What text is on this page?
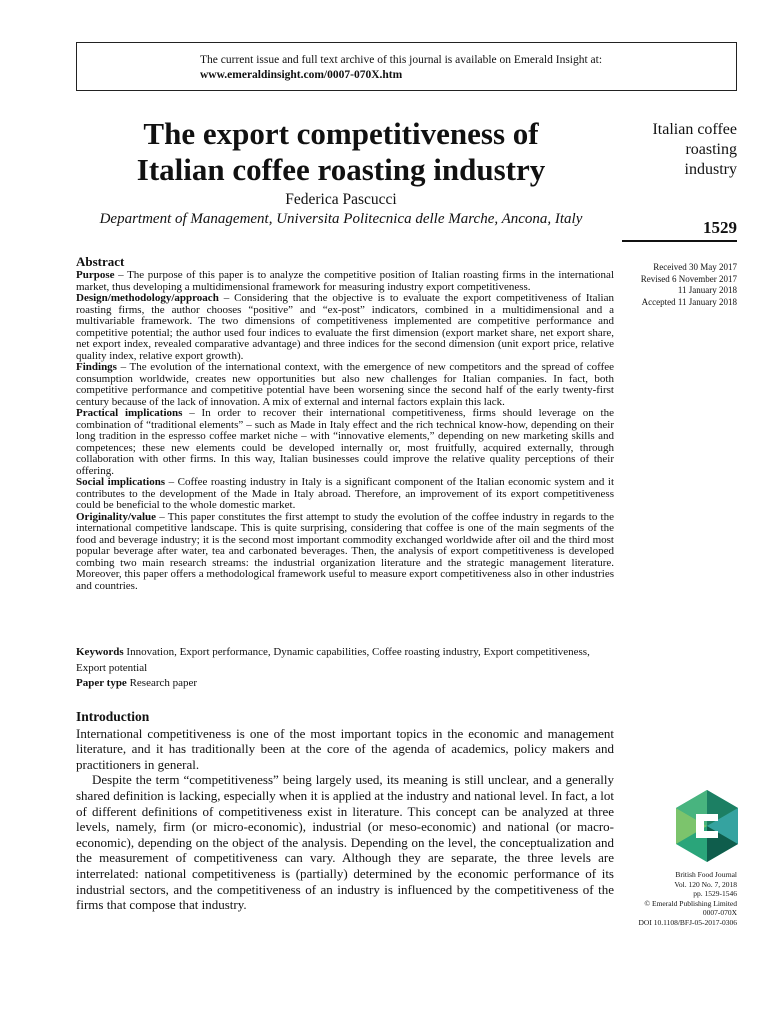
The current issue and full text archive of this journal is available on Emerald Insight at:
www.emeraldinsight.com/0007-070X.htm
The export competitiveness of
Italian coffee roasting industry
Federica Pascucci
Department of Management, Universita Politecnica delle Marche, Ancona, Italy
Italian coffee
roasting
industry
1529
Received 30 May 2017
Revised 6 November 2017
11 January 2018
Accepted 11 January 2018
Abstract

Purpose – The purpose of this paper is to analyze the competitive position of Italian roasting firms in the international market, thus developing a multidimensional framework for measuring industry export competitiveness.

Design/methodology/approach – Considering that the objective is to evaluate the export competitiveness of Italian roasting firms, the author chooses “positive” and “ex-post” indicators, combined in a multidimensional and a multivariable framework. The two dimensions of competitiveness implemented are competitive performance and competitive potential; the author used four indices to evaluate the first dimension (export market share, net export share, net export index, revealed comparative advantage) and three indices for the second dimension (unit export price, relative quality index, relative export growth).

Findings – The evolution of the international context, with the emergence of new competitors and the spread of coffee consumption worldwide, creates new opportunities but also new challenges for Italian companies. In fact, both competitive performance and competitive potential have been worsening since the second half of the early twenty-first century because of the lack of innovation. A mix of external and internal factors explain this lack.

Practical implications – In order to recover their international competitiveness, firms should leverage on the combination of “traditional elements” – such as Made in Italy effect and the rich technical know-how, depending on their long tradition in the espresso coffee market niche – with “innovative elements,” depending on new marketing skills and competences; these new elements could be developed internally or, most fruitfully, acquired externally, through collaboration with other firms. In this way, Italian businesses could improve the relative quality perceptions of their offering.

Social implications – Coffee roasting industry in Italy is a significant component of the Italian economic system and it contributes to the development of the Made in Italy abroad. Therefore, an improvement of its export competitiveness could be beneficial to the whole domestic market.

Originality/value – This paper constitutes the first attempt to study the evolution of the coffee industry in regards to the international competitive landscape. This is quite surprising, considering that coffee is one of the main segments of the food and beverage industry; it is the second most important commodity exchanged worldwide after oil and the third most popular beverage after water, tea and carbonated beverages. Then, the analysis of export competitiveness is developed combing two main research streams: the industrial organization literature and the strategic management literature. Moreover, this paper offers a methodological framework useful to measure export competitiveness also in other industries and countries.

Keywords Innovation, Export performance, Dynamic capabilities, Coffee roasting industry, Export competitiveness, Export potential
Paper type Research paper
Introduction

International competitiveness is one of the most important topics in the economic and management literature, and it has traditionally been at the core of the agenda of academics, policy makers and practitioners in general.

Despite the term “competitiveness” being largely used, its meaning is still unclear, and a generally shared definition is lacking, especially when it is applied at the industry and national level. In fact, a lot of different definitions of competitiveness exist in literature. This concept can be analyzed at three levels, namely, firm (or micro-economic), industrial (or meso-economic) and national (or macro-economic), depending on the object of the analysis. Depending on the level, the conceptualization and the measurement of competitiveness can vary. Although they are separate, the three levels are interrelated: national competitiveness is (partially) determined by the economic performance of its industrial sectors, and the competitiveness of an industry is influenced by the competitiveness of the firms that compose that industry.

British Food Journal
Vol. 120 No. 7, 2018
pp. 1529-1546
© Emerald Publishing Limited
0007-070X
DOI 10.1108/BFJ-05-2017-0306
